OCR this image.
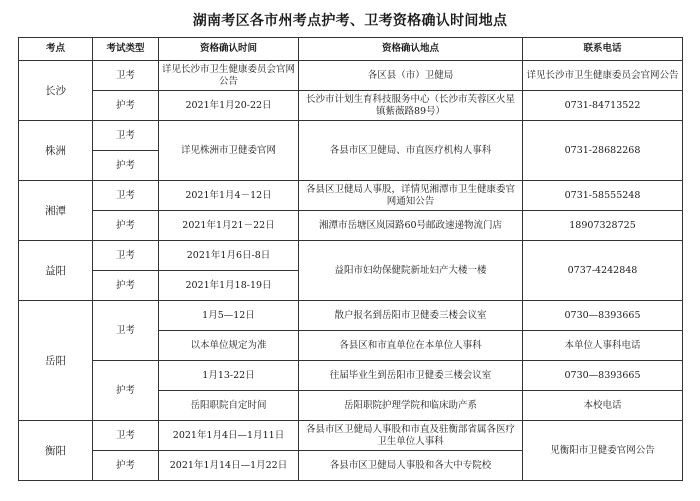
湖南考区各市州考点护考、卫考资格确认时间地点
考点	考试类型	资格确认时间	资格确认地点	联系电话
长沙	卫考	详见长沙市卫生健康委员会官网公告	各区县（市）卫健局	详见长沙市卫生健康委员会官网公告
	护考	2021年1月20-22日	长沙市计划生育科技服务中心（长沙市芙蓉区火星镇紫薇路89号）	0731-84713522
株洲	卫考	详见株洲市卫健委官网	各县市区卫健局、市直医疗机构人事科	0731-28682268
	护考			
湘潭	卫考	2021年1月4－12日	各县区卫健局人事股，详情见湘潭市卫生健康委官网通知公告	0731-58555248
	护考	2021年1月21－22日	湘潭市岳塘区岚园路60号邮政速递物流门店	18907328725
益阳	卫考	2021年1月6日-8日	益阳市妇幼保健院新址妇产大楼一楼	0737-4242848
	护考	2021年1月18-19日		
岳阳	卫考	1月5—12日	散户报名到岳阳市卫健委三楼会议室	0730—8393665
		以本单位规定为准	各县区和市直单位在本单位人事科	本单位人事科电话
	护考	1月13-22日	往届毕业生到岳阳市卫健委三楼会议室	0730—8393665
		岳阳职院自定时间	岳阳职院护理学院和临床助产系	本校电话
衡阳	卫考	2021年1月4日—1月11日	各县市区卫健局人事股和市直及驻衡部省属各医疗卫生单位人事科	见衡阳市卫健委官网公告
	护考	2021年1月14日—1月22日	各县市区卫健局人事股和各大中专院校	
